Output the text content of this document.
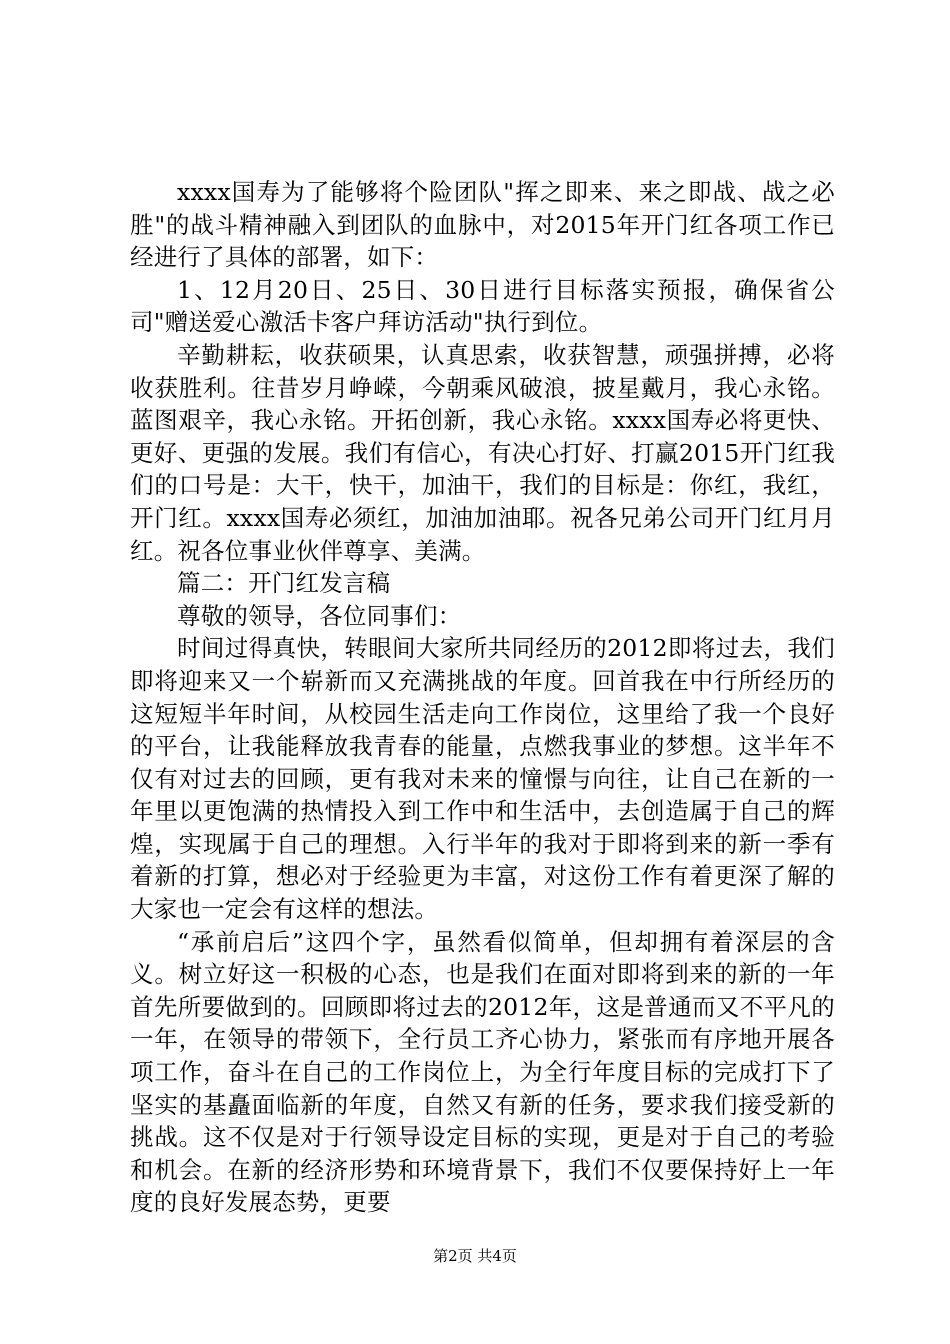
xxxx国寿为了能够将个险团队"挥之即来、来之即战、战之必胜"的战斗精神融入到团队的血脉中，对2015年开门红各项工作已经进行了具体的部署，如下：

1、12月20日、25日、30日进行目标落实预报，确保省公司"赠送爱心激活卡客户拜访活动"执行到位。

辛勤耕耘，收获硕果，认真思索，收获智慧，顽强拼搏，必将收获胜利。往昔岁月峥嵘，今朝乘风破浪，披星戴月，我心永铭。蓝图艰辛，我心永铭。开拓创新，我心永铭。xxxx国寿必将更快、更好、更强的发展。我们有信心，有决心打好、打赢2015开门红我们的口号是：大干，快干，加油干，我们的目标是：你红，我红，开门红。xxxx国寿必须红，加油加油耶。祝各兄弟公司开门红月月红。祝各位事业伙伴尊享、美满。

篇二：开门红发言稿

尊敬的领导，各位同事们：

时间过得真快，转眼间大家所共同经历的2012即将过去，我们即将迎来又一个崭新而又充满挑战的年度。回首我在中行所经历的这短短半年时间，从校园生活走向工作岗位，这里给了我一个良好的平台，让我能释放我青春的能量，点燃我事业的梦想。这半年不仅有对过去的回顾，更有我对未来的憧憬与向往，让自己在新的一年里以更饱满的热情投入到工作中和生活中，去创造属于自己的辉煌，实现属于自己的理想。入行半年的我对于即将到来的新一季有着新的打算，想必对于经验更为丰富，对这份工作有着更深了解的大家也一定会有这样的想法。

“承前启后”这四个字，虽然看似简单，但却拥有着深层的含义。树立好这一积极的心态，也是我们在面对即将到来的新的一年首先所要做到的。回顾即将过去的2012年，这是普通而又不平凡的一年，在领导的带领下，全行员工齐心协力，紧张而有序地开展各项工作，奋斗在自己的工作岗位上，为全行年度目标的完成打下了坚实的基矗面临新的年度，自然又有新的任务，要求我们接受新的挑战。这不仅是对于行领导设定目标的实现，更是对于自己的考验和机会。在新的经济形势和环境背景下，我们不仅要保持好上一年度的良好发展态势，更要

第2页 共4页
